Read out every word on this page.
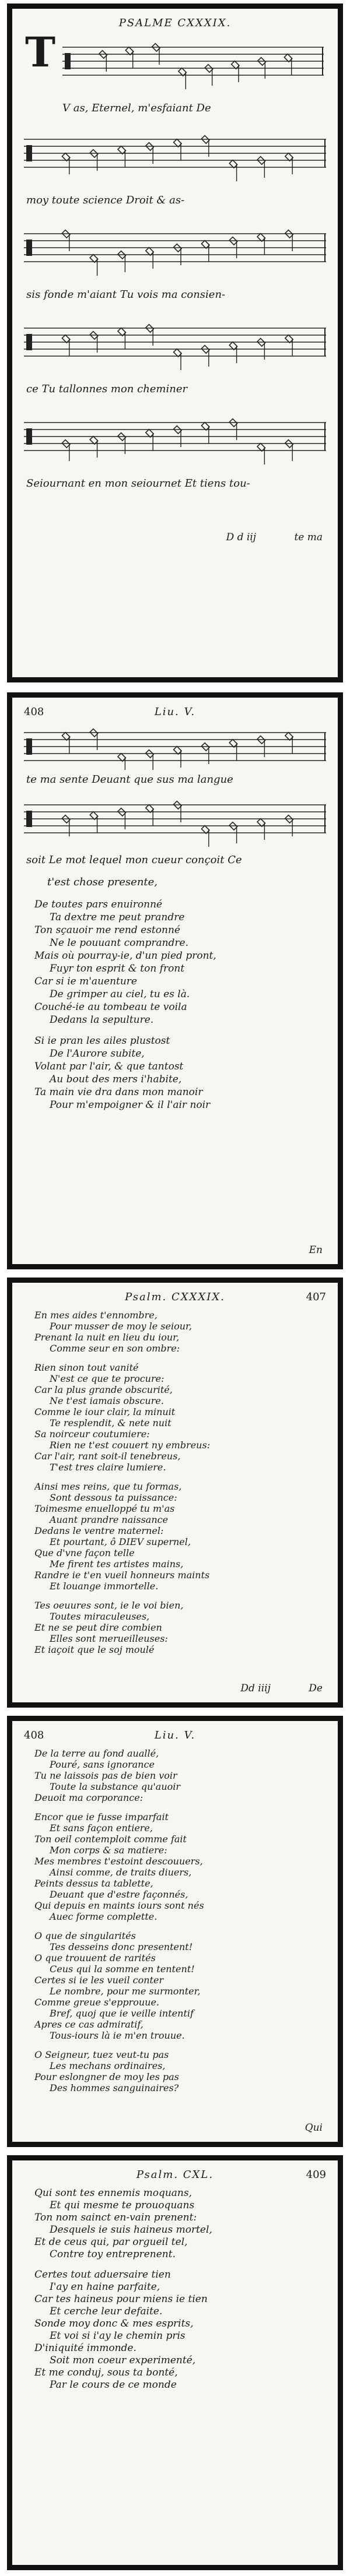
PSALME CXXXIX.
T
V as, Eternel, m'esfaiant De
moy toute science Droit & as-
sis fonde m'aiant Tu vois ma consien-
ce Tu tallonnes mon cheminer
Seiournant en mon seiournet Et tiens tou-
D d iij	te ma
408	Liu. V.
te ma sente Deuant que sus ma langue
soit Le mot lequel mon cueur conçoit Ce
t'est chose presente,
De toutes pars enuironné
Ta dextre me peut prandre
Ton sçauoir me rend estonné
Ne le pouuant comprandre.
Mais où pourray-ie, d'un pied pront,
Fuyr ton esprit & ton front
Car si ie m'auenture
De grimper au ciel, tu es là.
Couché-ie au tombeau te voila
Dedans la sepulture.
Si ie pran les ailes plustost
De l'Aurore subite,
Volant par l'air, & que tantost
Au bout des mers i'habite,
Ta main vie dra dans mon manoir
Pour m'empoigner & il l'air noir
En
Psalm. CXXXIX.	407
En mes aides t'ennombre,
Pour musser de moy le seiour,
Prenant la nuit en lieu du iour,
Comme seur en son ombre:
Rien sinon tout vanité
N'est ce que te procure:
Car la plus grande obscurité,
Ne t'est iamais obscure.
Comme le iour clair, la minuit
Te resplendit, & nete nuit
Sa noirceur coutumiere:
Rien ne t'est couuert ny embreus:
Car l'air, rant soit-il tenebreus,
T'est tres claire lumiere.
Ainsi mes reins, que tu formas,
Sont dessous ta puissance:
Toimesme enuelloppé tu m'as
Auant prandre naissance
Dedans le ventre maternel:
Et pourtant, ô DIEV supernel,
Que d'vne façon telle
Me firent tes artistes mains,
Randre ie t'en vueil honneurs maints
Et louange immortelle.
Tes oeuures sont, ie le voi bien,
Toutes miraculeuses,
Et ne se peut dire combien
Elles sont merueilleuses:
Et iaçoit que le soj moulé
Dd iiij	De
408	Liu. V.
De la terre au fond auallé,
Pouré, sans ignorance
Tu ne laissois pas de bien voir
Toute la substance qu'auoir
Deuoit ma corporance:
Encor que ie fusse imparfait
Et sans façon entiere,
Ton oeil contemploit comme fait
Mon corps & sa matiere:
Mes membres t'estoint descouuers,
Ainsi comme, de traits diuers,
Peints dessus ta tablette,
Deuant que d'estre façonnés,
Qui depuis en maints iours sont nés
Auec forme complette.
O que de singularités
Tes desseins donc presentent!
O que trouuent de rarités
Ceus qui la somme en tentent!
Certes si ie les vueil conter
Le nombre, pour me surmonter,
Comme greue s'epprouue.
Bref, quoj que ie veille intentif
Apres ce cas admiratif,
Tous-iours là ie m'en trouue.
O Seigneur, tuez veut-tu pas
Les mechans ordinaires,
Pour eslongner de moy les pas
Des hommes sanguinaires?
Qui
Psalm. CXL.	409
Qui sont tes ennemis moquans,
Et qui mesme te prouoquans
Ton nom sainct en-vain prenent:
Desquels ie suis haineus mortel,
Et de ceus qui, par orgueil tel,
Contre toy entreprenent.
Certes tout aduersaire tien
I'ay en haine parfaite,
Car tes haineus pour miens ie tien
Et cerche leur defaite.
Sonde moy donc & mes esprits,
Et voi si i'ay le chemin pris
D'iniquité immonde.
Soit mon coeur experimenté,
Et me conduj, sous ta bonté,
Par le cours de ce monde
